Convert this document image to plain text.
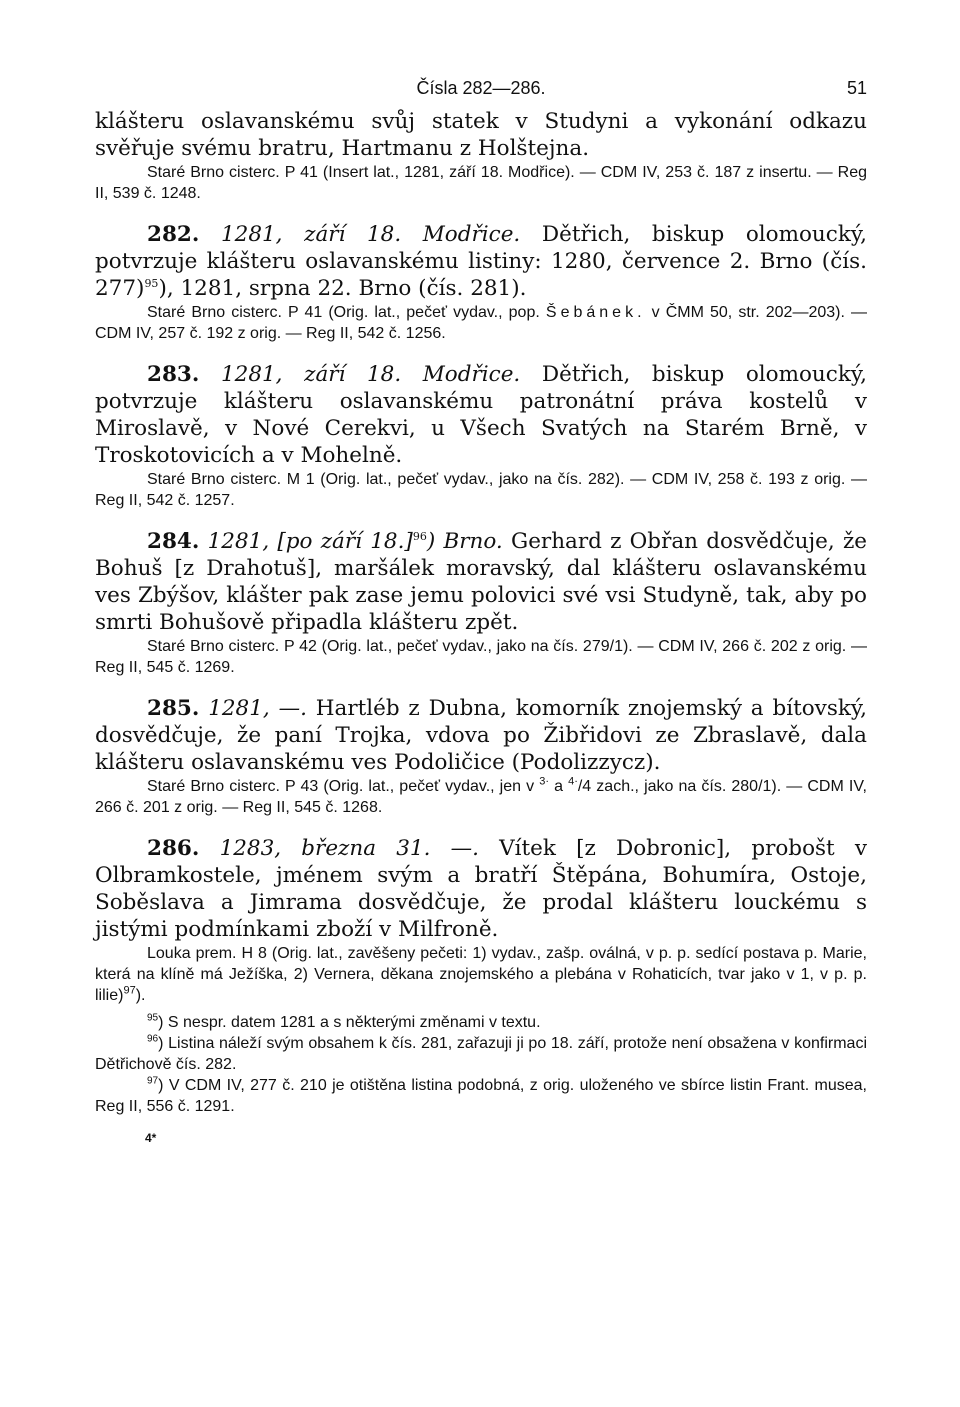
Čísla 282—286.	51

klášteru oslavanskému svůj statek v Studyni a vykonání odkazu svěřuje svému bratru, Hartmanu z Holštejna.

Staré Brno cisterc. P 41 (Insert lat., 1281, září 18. Modřice). — CDM IV, 253 č. 187 z insertu. — Reg II, 539 č. 1248.

282. 1281, září 18. Modřice. Dětřich, biskup olomoucký, potvrzuje klášteru oslavanskému listiny: 1280, července 2. Brno (čís. 277)$^{95}$), 1281, srpna 22. Brno (čís. 281).

Staré Brno cisterc. P 41 (Orig. lat., pečeť vydav., pop. Šebánek. v ČMM 50, str. 202—203). — CDM IV, 257 č. 192 z orig. — Reg II, 542 č. 1256.

283. 1281, září 18. Modřice. Dětřich, biskup olomoucký, potvrzuje klášteru oslavanskému patronátní práva kostelů v Miroslavě, v Nové Cerekvi, u Všech Svatých na Starém Brně, v Troskotovicích a v Mohelně.

Staré Brno cisterc. M 1 (Orig. lat., pečeť vydav., jako na čís. 282). — CDM IV, 258 č. 193 z orig. — Reg II, 542 č. 1257.

284. 1281, [po září 18.]$^{96}$) Brno. Gerhard z Obřan dosvědčuje, že Bohuš [z Drahotuš], maršálek moravský, dal klášteru oslavanskému ves Zbýšov, klášter pak zase jemu polovici své vsi Studyně, tak, aby po smrti Bohušově připadla klášteru zpět.

Staré Brno cisterc. P 42 (Orig. lat., pečeť vydav., jako na čís. 279/1). — CDM IV, 266 č. 202 z orig. — Reg II, 545 č. 1269.

285. 1281, —. Hartléb z Dubna, komorník znojemský a bítovský, dosvědčuje, že paní Trojka, vdova po Žibřidovi ze Zbraslavě, dala klášteru oslavanskému ves Podoličice (Podolizzycz).

Staré Brno cisterc. P 43 (Orig. lat., pečeť vydav., jen v $^{3\cdot}$ a $^{4\cdot}$/4 zach., jako na čís. 280/1). — CDM IV, 266 č. 201 z orig. — Reg II, 545 č. 1268.

286. 1283, března 31. —. Vítek [z Dobronic], probošt v Olbramkostele, jménem svým a bratří Štěpána, Bohumíra, Ostoje, Soběslava a Jimrama dosvědčuje, že prodal klášteru louckému s jistými podmínkami zboží v Milfroně.

Louka prem. H 8 (Orig. lat., zavěšeny pečeti: 1) vydav., zašp. oválná, v p. p. sedící postava p. Marie, která na klíně má Ježíška, 2) Vernera, děkana znojemského a plebána v Rohaticích, tvar jako v 1, v p. p. lilie)$^{97}$).

$^{95}$) S nespr. datem 1281 a s některými změnami v textu.

$^{96}$) Listina náleží svým obsahem k čís. 281, zařazuji ji po 18. září, protože není obsažena v konfirmaci Dětřichově čís. 282.

$^{97}$) V CDM IV, 277 č. 210 je otištěna listina podobná, z orig. uloženého ve sbírce listin Frant. musea, Reg II, 556 č. 1291.

4*
